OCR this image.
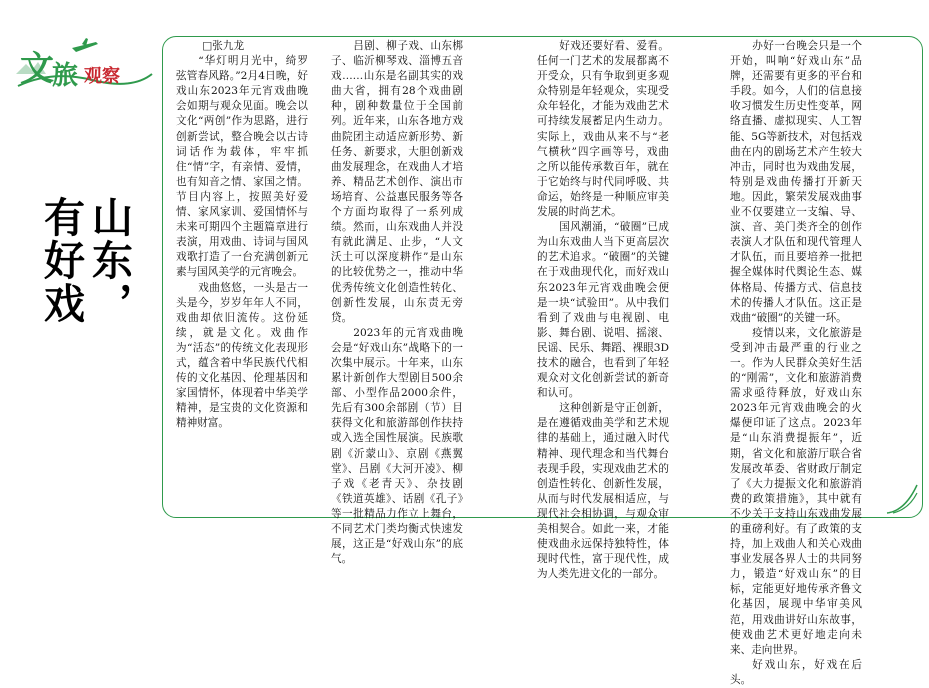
文
旅 观察
山东，
有好戏

□张九龙

“华灯明月光中，绮罗弦管春风路。”2月4日晚，好戏山东2023年元宵戏曲晚会如期与观众见面。晚会以文化“两创”作为思路，进行创新尝试，整合晚会以古诗词话作为载体，牢牢抓住“情”字，有亲情、爱情，也有知音之情、家国之情。节目内容上，按照美好爱情、家风家训、爱国情怀与未来可期四个主题篇章进行表演，用戏曲、诗词与国风戏歌打造了一台充满创新元素与国风美学的元宵晚会。

戏曲悠悠，一头是古一头是今，岁岁年年人不同，戏曲却依旧流传。这份延续，就是文化。戏曲作为“活态”的传统文化表现形式，蕴含着中华民族代代相传的文化基因、伦理基因和家国情怀，体现着中华美学精神，是宝贵的文化资源和精神财富。

吕剧、柳子戏、山东梆子、临沂柳琴戏、淄博五音戏……山东是名副其实的戏曲大省，拥有28个戏曲剧种，剧种数量位于全国前列。近年来，山东各地方戏曲院团主动适应新形势、新任务、新要求，大胆创新戏曲发展理念，在戏曲人才培养、精品艺术创作、演出市场培育、公益惠民服务等各个方面均取得了一系列成绩。然而，山东戏曲人并没有就此满足、止步，“人文沃土可以深度耕作”是山东的比较优势之一，推动中华优秀传统文化创造性转化、创新性发展，山东责无旁贷。

2023年的元宵戏曲晚会是“好戏山东”战略下的一次集中展示。十年来，山东累计新创作大型剧目500余部、小型作品2000余件，先后有300余部剧（节）目获得文化和旅游部创作扶持或入选全国性展演。民族歌剧《沂蒙山》、京剧《燕翼堂》、吕剧《大河开凌》、柳子戏《老青天》、杂技剧《铁道英雄》、话剧《孔子》等一批精品力作立上舞台，不同艺术门类均衡式快速发展，这正是“好戏山东”的底气。

好戏还要好看、爱看。任何一门艺术的发展都离不开受众，只有争取到更多观众特别是年轻观众，实现受众年轻化，才能为戏曲艺术可持续发展蓄足内生动力。实际上，戏曲从来不与“老气横秋”四字画等号，戏曲之所以能传承数百年，就在于它始终与时代同呼吸、共命运，始终是一种顺应审美发展的时尚艺术。

国风潮涌，“破圈”已成为山东戏曲人当下更高层次的艺术追求。“破圈”的关键在于戏曲现代化，而好戏山东2023年元宵戏曲晚会便是一块“试验田”。从中我们看到了戏曲与电视剧、电影、舞台剧、说唱、摇滚、民谣、民乐、舞蹈、裸眼3D技术的融合，也看到了年轻观众对文化创新尝试的新奇和认可。

这种创新是守正创新，是在遵循戏曲美学和艺术规律的基础上，通过融入时代精神、现代理念和当代舞台表现手段，实现戏曲艺术的创造性转化、创新性发展，从而与时代发展相适应，与现代社会相协调，与观众审美相契合。如此一来，才能使戏曲永远保持独特性，体现时代性，富于现代性，成为人类先进文化的一部分。

办好一台晚会只是一个开始，叫响“好戏山东”品牌，还需要有更多的平台和手段。如今，人们的信息接收习惯发生历史性变革，网络直播、虚拟现实、人工智能、5G等新技术，对包括戏曲在内的剧场艺术产生较大冲击，同时也为戏曲发展，特别是戏曲传播打开新天地。因此，繁荣发展戏曲事业不仅要建立一支编、导、演、音、美门类齐全的创作表演人才队伍和现代管理人才队伍，而且要培养一批把握全媒体时代舆论生态、媒体格局、传播方式、信息技术的传播人才队伍。这正是戏曲“破圈”的关键一环。

疫情以来，文化旅游是受到冲击最严重的行业之一。作为人民群众美好生活的“刚需”，文化和旅游消费需求亟待释放，好戏山东2023年元宵戏曲晚会的火爆便印证了这点。2023年是“山东消费提振年”，近期，省文化和旅游厅联合省发展改革委、省财政厅制定了《大力提振文化和旅游消费的政策措施》，其中就有不少关于支持山东戏曲发展的重磅利好。有了政策的支持，加上戏曲人和关心戏曲事业发展各界人士的共同努力，锻造“好戏山东”的目标，定能更好地传承齐鲁文化基因，展现中华审美风范，用戏曲讲好山东故事，使戏曲艺术更好地走向未来、走向世界。

好戏山东，好戏在后头。
